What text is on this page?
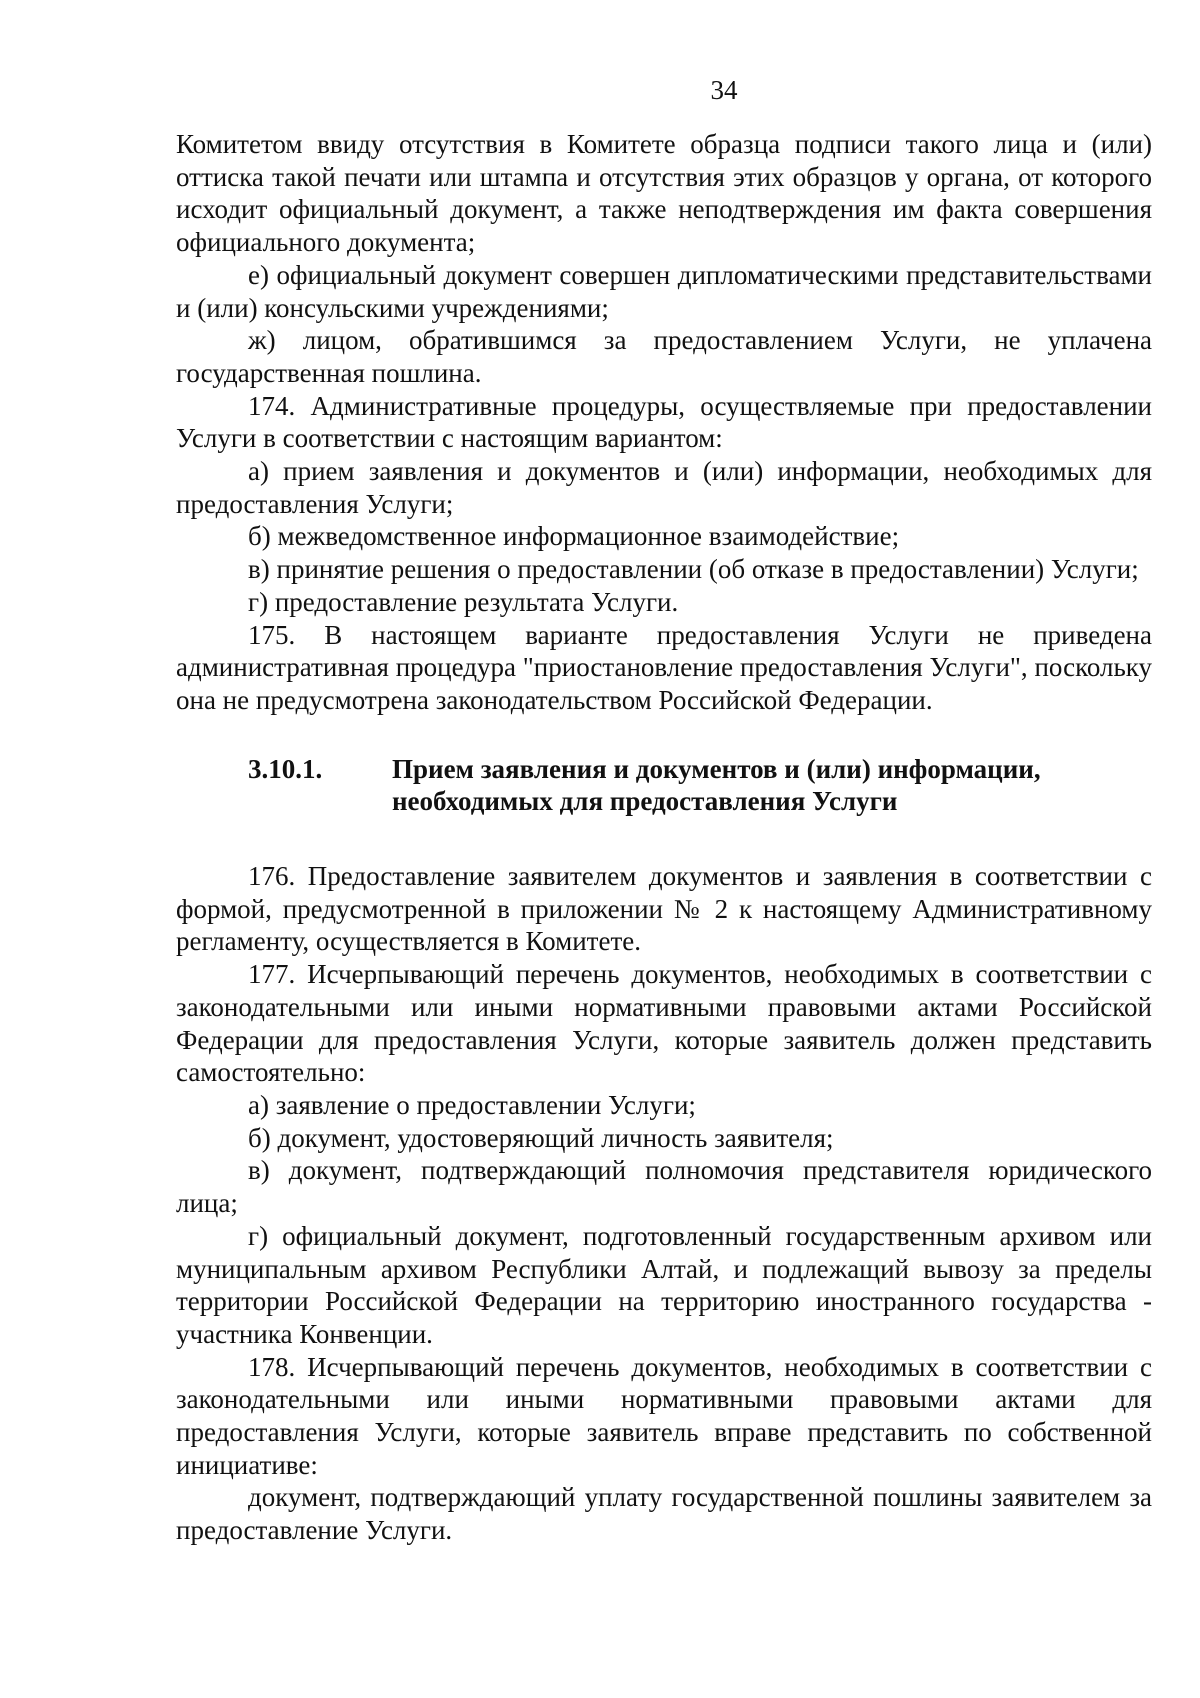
34

Комитетом ввиду отсутствия в Комитете образца подписи такого лица и (или) оттиска такой печати или штампа и отсутствия этих образцов у органа, от которого исходит официальный документ, а также неподтверждения им факта совершения официального документа;

е) официальный документ совершен дипломатическими представительствами и (или) консульскими учреждениями;

ж) лицом, обратившимся за предоставлением Услуги, не уплачена государственная пошлина.

174. Административные процедуры, осуществляемые при предоставлении Услуги в соответствии с настоящим вариантом:

а) прием заявления и документов и (или) информации, необходимых для предоставления Услуги;

б) межведомственное информационное взаимодействие;

в) принятие решения о предоставлении (об отказе в предоставлении) Услуги;

г) предоставление результата Услуги.

175. В настоящем варианте предоставления Услуги не приведена административная процедура "приостановление предоставления Услуги", поскольку она не предусмотрена законодательством Российской Федерации.

3.10.1.	Прием заявления и документов и (или) информации,
необходимых для предоставления Услуги

176. Предоставление заявителем документов и заявления в соответствии с формой, предусмотренной в приложении № 2 к настоящему Административному регламенту, осуществляется в Комитете.

177. Исчерпывающий перечень документов, необходимых в соответствии с законодательными или иными нормативными правовыми актами Российской Федерации для предоставления Услуги, которые заявитель должен представить самостоятельно:

а) заявление о предоставлении Услуги;

б) документ, удостоверяющий личность заявителя;

в) документ, подтверждающий полномочия представителя юридического лица;

г) официальный документ, подготовленный государственным архивом или муниципальным архивом Республики Алтай, и подлежащий вывозу за пределы территории Российской Федерации на территорию иностранного государства - участника Конвенции.

178. Исчерпывающий перечень документов, необходимых в соответствии с законодательными или иными нормативными правовыми актами для предоставления Услуги, которые заявитель вправе представить по собственной инициативе:

документ, подтверждающий уплату государственной пошлины заявителем за предоставление Услуги.
